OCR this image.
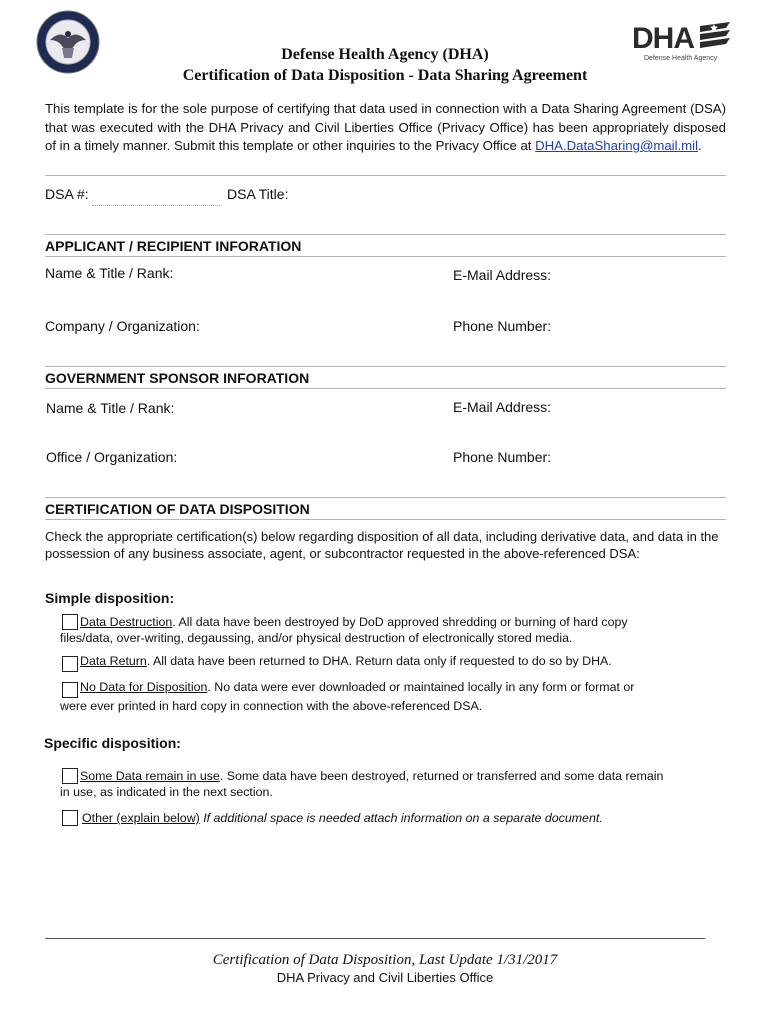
DHA
Defense Health Agency
Defense Health Agency (DHA)
Certification of Data Disposition - Data Sharing Agreement
This template is for the sole purpose of certifying that data used in connection with a Data Sharing Agreement (DSA) that was executed with the DHA Privacy and Civil Liberties Office (Privacy Office) has been appropriately disposed of in a timely manner. Submit this template or other inquiries to the Privacy Office at DHA.DataSharing@mail.mil.
DSA #:	DSA Title:
APPLICANT / RECIPIENT INFORATION
Name & Title / Rank:	E-Mail Address:
Company / Organization:	Phone Number:
GOVERNMENT SPONSOR INFORATION
Name & Title / Rank:	E-Mail Address:
Office / Organization:	Phone Number:
CERTIFICATION OF DATA DISPOSITION
Check the appropriate certification(s) below regarding disposition of all data, including derivative data, and data in the possession of any business associate, agent, or subcontractor requested in the above-referenced DSA:
Simple disposition:
Data Destruction. All data have been destroyed by DoD approved shredding or burning of hard copy
files/data, over-writing, degaussing, and/or physical destruction of electronically stored media.
Data Return. All data have been returned to DHA. Return data only if requested to do so by DHA.
No Data for Disposition. No data were ever downloaded or maintained locally in any form or format or
were ever printed in hard copy in connection with the above-referenced DSA.
Specific disposition:
Some Data remain in use. Some data have been destroyed, returned or transferred and some data remain
in use, as indicated in the next section.
Other (explain below) If additional space is needed attach information on a separate document.
Certification of Data Disposition, Last Update 1/31/2017
DHA Privacy and Civil Liberties Office
